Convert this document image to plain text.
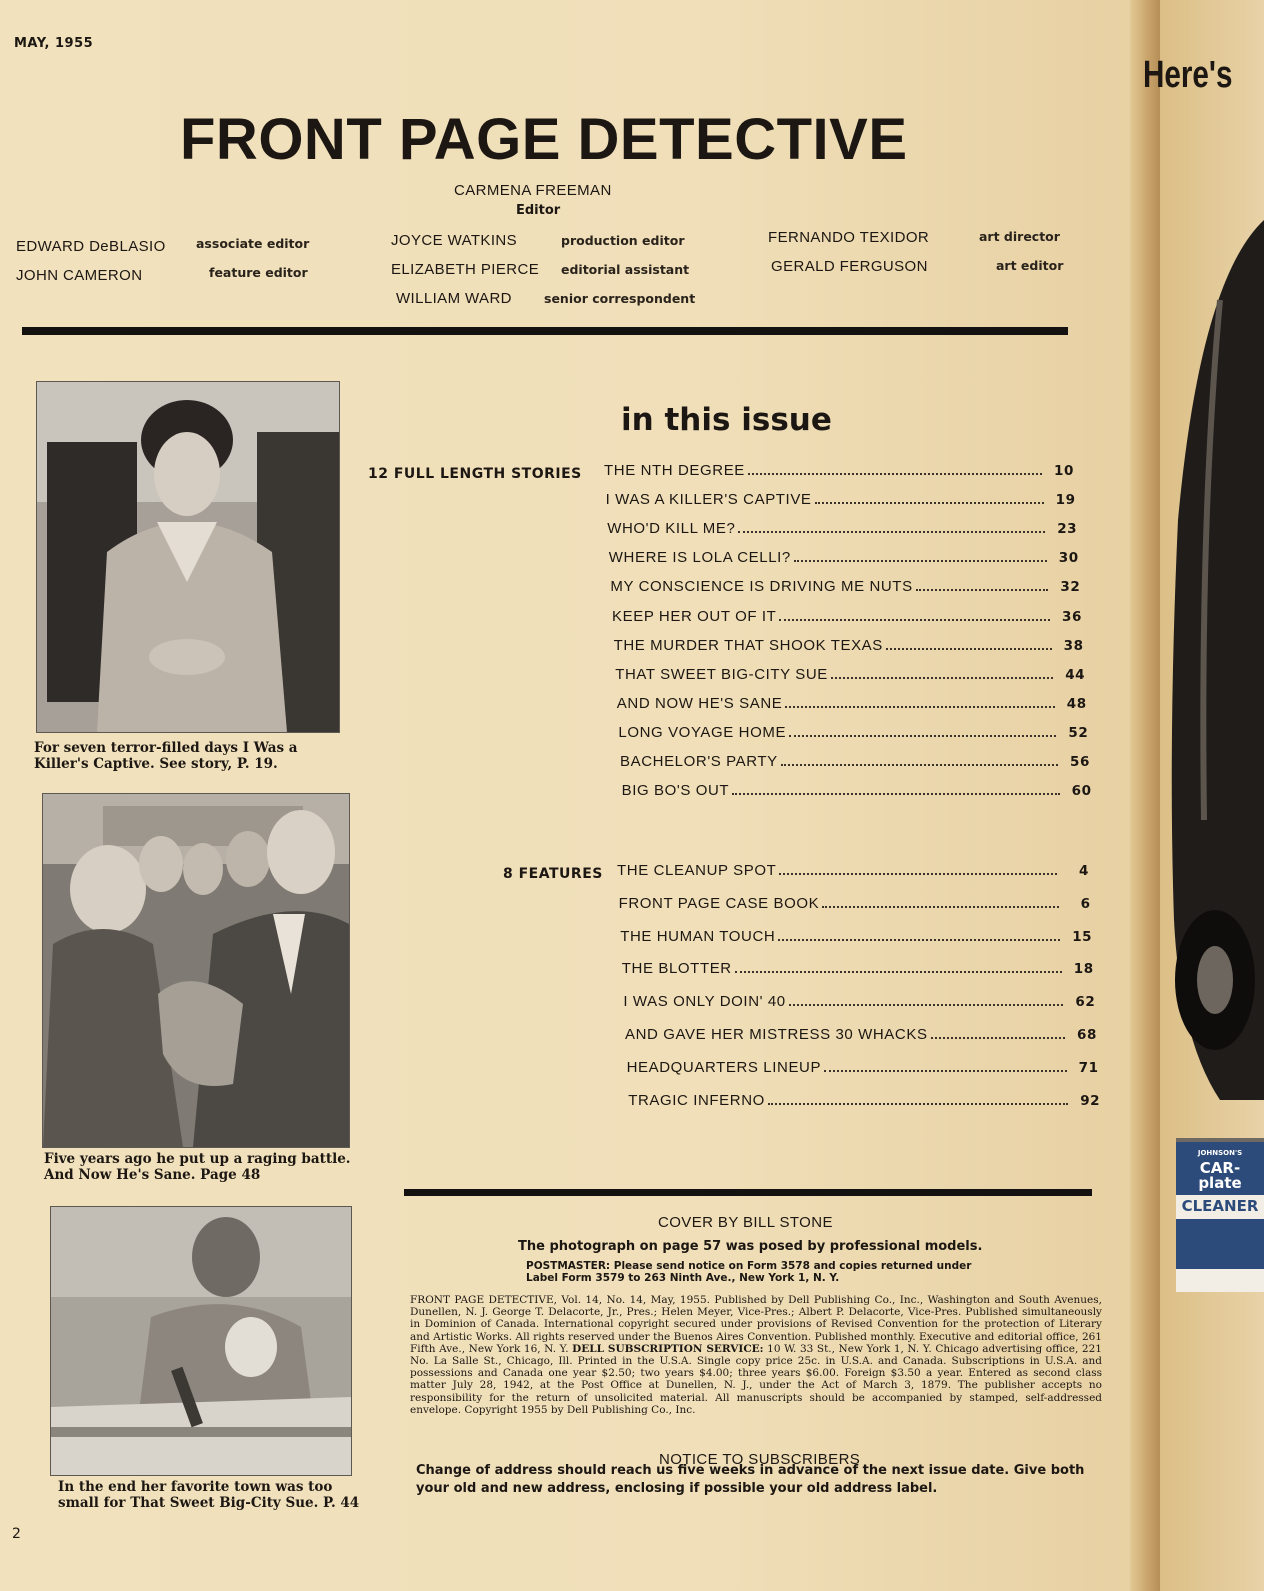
MAY, 1955
FRONT PAGE DETECTIVE
CARMENA FREEMAN
Editor
EDWARD DeBLASIO associate editor
JOHN CAMERON	feature editor
JOYCE WATKINS	production editor
ELIZABETH PIERCE editorial assistant
WILLIAM WARD	senior correspondent
FERNANDO TEXIDOR	art director
GERALD FERGUSON	art editor
For seven terror-filled days I Was a Killer's Captive. See story, P. 19.
Five years ago he put up a raging battle. And Now He's Sane. Page 48
In the end her favorite town was too small for That Sweet Big-City Sue. P. 44
in this issue
12 FULL LENGTH STORIES THE NTH DEGREE	10
I WAS A KILLER'S CAPTIVE	19
WHO'D KILL ME?	23
WHERE IS LOLA CELLI?	30
MY CONSCIENCE IS DRIVING ME NUTS	32
KEEP HER OUT OF IT	36
THE MURDER THAT SHOOK TEXAS	38
THAT SWEET BIG-CITY SUE	44
AND NOW HE'S SANE	48
LONG VOYAGE HOME	52
BACHELOR'S PARTY	56
BIG BO'S OUT	60
8 FEATURES THE CLEANUP SPOT	4
FRONT PAGE CASE BOOK	6
THE HUMAN TOUCH	15
THE BLOTTER	18
I WAS ONLY DOIN' 40	62
AND GAVE HER MISTRESS 30 WHACKS	68
HEADQUARTERS LINEUP	71
TRAGIC INFERNO	92
COVER BY BILL STONE
The photograph on page 57 was posed by professional models.
POSTMASTER: Please send notice on Form 3578 and copies returned under Label Form 3579 to 263 Ninth Ave., New York 1, N. Y.
FRONT PAGE DETECTIVE, Vol. 14, No. 14, May, 1955. Published by Dell Publishing Co., Inc., Washington and South Avenues, Dunellen, N. J. George T. Delacorte, Jr., Pres.; Helen Meyer, Vice-Pres.; Albert P. Delacorte, Vice-Pres. Published simultaneously in Dominion of Canada. International copyright secured under provisions of Revised Convention for the protection of Literary and Artistic Works. All rights reserved under the Buenos Aires Convention. Published monthly. Executive and editorial office, 261 Fifth Ave., New York 16, N. Y. DELL SUBSCRIPTION SERVICE: 10 W. 33 St., New York 1, N. Y. Chicago advertising office, 221 No. La Salle St., Chicago, Ill. Printed in the U.S.A. Single copy price 25c. in U.S.A. and Canada. Subscriptions in U.S.A. and possessions and Canada one year $2.50; two years $4.00; three years $6.00. Foreign $3.50 a year. Entered as second class matter July 28, 1942, at the Post Office at Dunellen, N. J., under the Act of March 3, 1879. The publisher accepts no responsibility for the return of unsolicited material. All manuscripts should be accompanied by stamped, self-addressed envelope. Copyright 1955 by Dell Publishing Co., Inc.
NOTICE TO SUBSCRIBERS
Change of address should reach us five weeks in advance of the next issue date. Give both your old and new address, enclosing if possible your old address label.
2
Here's
JOHNSON'S
CAR-
plate
CLEANER
